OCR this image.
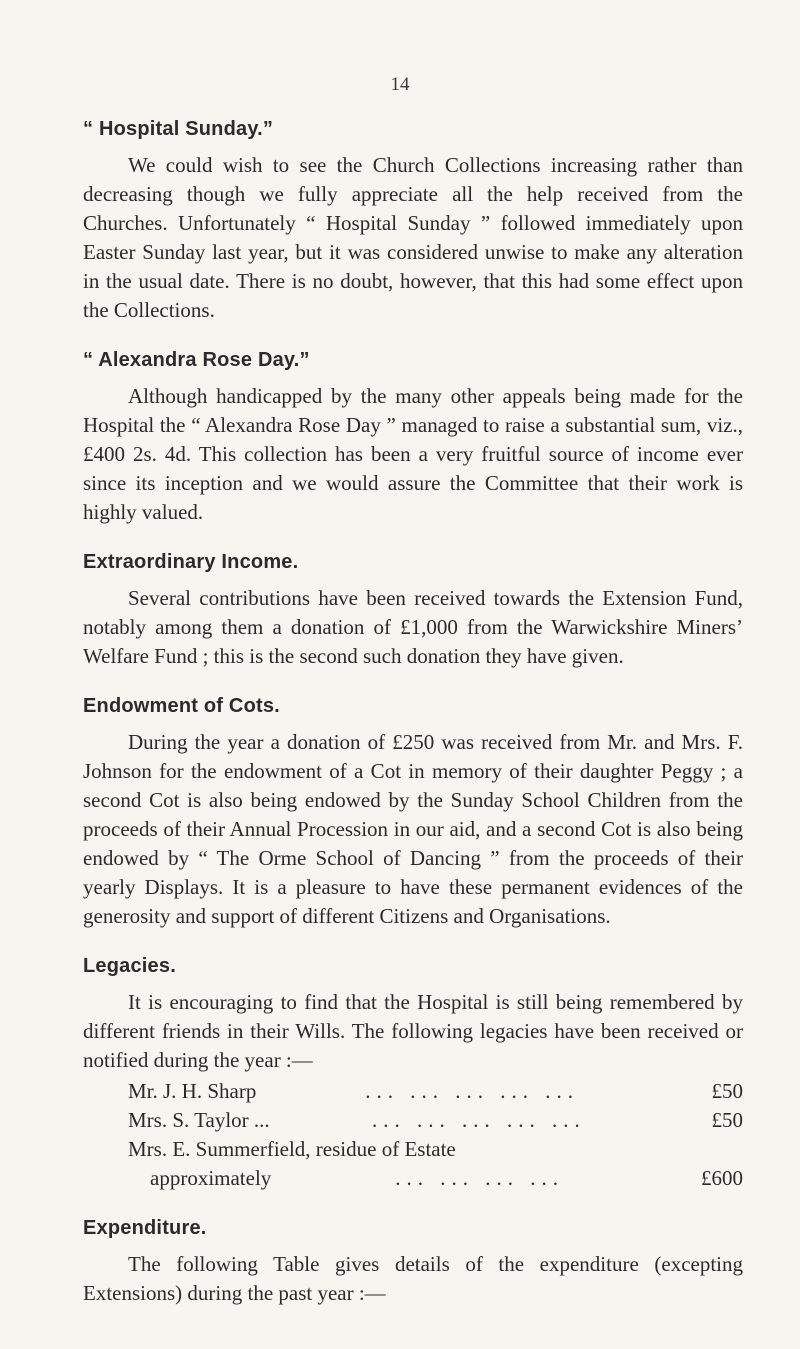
14
“ Hospital Sunday.”

We could wish to see the Church Collections increasing rather than decreasing though we fully appreciate all the help received from the Churches. Unfortunately “ Hospital Sunday ” followed immediately upon Easter Sunday last year, but it was considered unwise to make any alteration in the usual date. There is no doubt, however, that this had some effect upon the Collections.

“ Alexandra Rose Day.”

Although handicapped by the many other appeals being made for the Hospital the “ Alexandra Rose Day ” managed to raise a substantial sum, viz., £400 2s. 4d. This collection has been a very fruitful source of income ever since its inception and we would assure the Committee that their work is highly valued.

Extraordinary Income.

Several contributions have been received towards the Extension Fund, notably among them a donation of £1,000 from the Warwickshire Miners’ Welfare Fund ; this is the second such donation they have given.

Endowment of Cots.

During the year a donation of £250 was received from Mr. and Mrs. F. Johnson for the endowment of a Cot in memory of their daughter Peggy ; a second Cot is also being endowed by the Sunday School Children from the proceeds of their Annual Procession in our aid, and a second Cot is also being endowed by “ The Orme School of Dancing ” from the proceeds of their yearly Displays. It is a pleasure to have these permanent evidences of the generosity and support of different Citizens and Organisations.

Legacies.

It is encouraging to find that the Hospital is still being remembered by different friends in their Wills. The following legacies have been received or notified during the year :—

Mr. J. H. Sharp	... ... ... ... ...	£50
Mrs. S. Taylor ...	... ... ... ... ...	£50
Mrs. E. Summerfield, residue of Estate
approximately	... ... ... ...	£600
Expenditure.

The following Table gives details of the expenditure (excepting Extensions) during the past year :—
